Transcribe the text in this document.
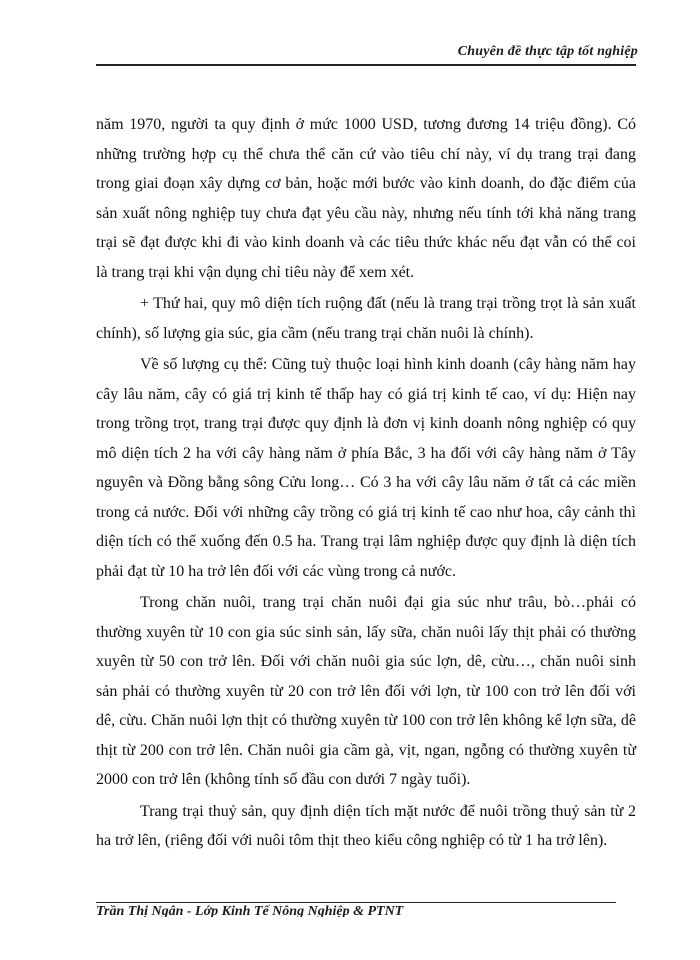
Chuyên đề thực tập tốt nghiệp

năm 1970, người ta quy định ở mức 1000 USD, tương đương 14 triệu đồng). Có những trường hợp cụ thể chưa thể căn cứ vào tiêu chí này, ví dụ trang trại đang trong giai đoạn xây dựng cơ bản, hoặc mới bước vào kinh doanh, do đặc điểm của sản xuất nông nghiệp tuy chưa đạt yêu cầu này, nhưng nếu tính tới khả năng trang trại sẽ đạt được khi đi vào kinh doanh và các tiêu thức khác nếu đạt vẫn có thể coi là trang trại khi vận dụng chỉ tiêu này để xem xét.

+ Thứ hai, quy mô diện tích ruộng đất (nếu là trang trại trồng trọt là sản xuất chính), số lượng gia súc, gia cầm (nếu trang trại chăn nuôi là chính).

Về số lượng cụ thể: Cũng tuỳ thuộc loại hình kinh doanh (cây hàng năm hay cây lâu năm, cây có giá trị kinh tế thấp hay có giá trị kinh tế cao, ví dụ: Hiện nay trong trồng trọt, trang trại được quy định là đơn vị kinh doanh nông nghiệp có quy mô diện tích 2 ha với cây hàng năm ở phía Bắc, 3 ha đối với cây hàng năm ở Tây nguyên và Đồng bằng sông Cửu long… Có 3 ha với cây lâu năm ở tất cả các miền trong cả nước. Đối với những cây trồng có giá trị kinh tế cao như hoa, cây cảnh thì diện tích có thể xuống đến 0.5 ha. Trang trại lâm nghiệp được quy định là diện tích phải đạt từ 10 ha trở lên đối với các vùng trong cả nước.

Trong chăn nuôi, trang trại chăn nuôi đại gia súc như trâu, bò…phải có thường xuyên từ 10 con gia súc sinh sản, lấy sữa, chăn nuôi lấy thịt phải có thường xuyên từ 50 con trở lên. Đối với chăn nuôi gia súc lợn, dê, cừu…, chăn nuôi sinh sản phải có thường xuyên từ 20 con trở lên đối với lợn, từ 100 con trở lên đối với dê, cừu. Chăn nuôi lợn thịt có thường xuyên từ 100 con trở lên không kể lợn sữa, dê thịt từ 200 con trở lên. Chăn nuôi gia cầm gà, vịt, ngan, ngỗng có thường xuyên từ 2000 con trở lên (không tính số đầu con dưới 7 ngày tuổi).

Trang trại thuỷ sản, quy định diện tích mặt nước để nuôi trồng thuỷ sản từ 2 ha trở lên, (riêng đối với nuôi tôm thịt theo kiểu công nghiệp có từ 1 ha trở lên).

Trần Thị Ngân - Lớp Kinh Tế Nông Nghiệp & PTNT
